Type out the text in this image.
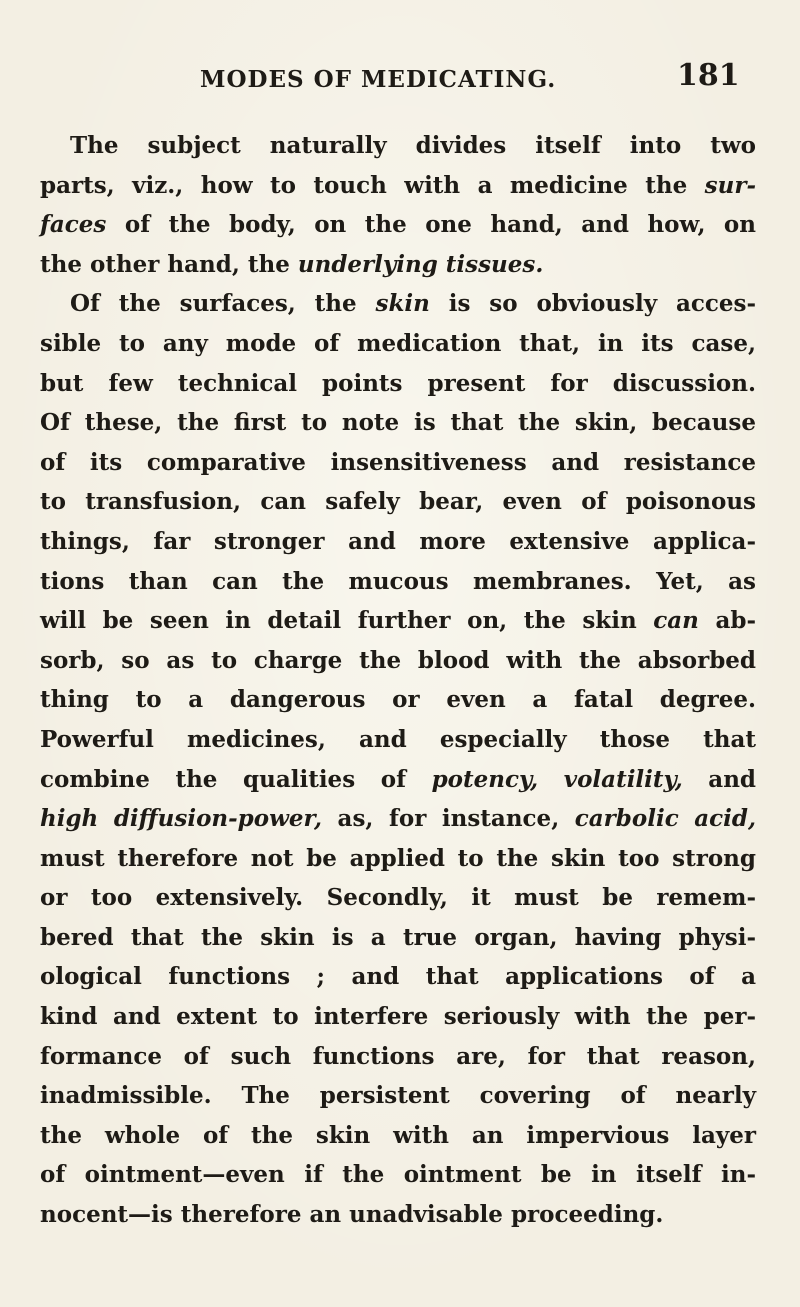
MODES OF MEDICATING.	181
The subject naturally divides itself into two
parts, viz., how to touch with a medicine the sur-
faces of the body, on the one hand, and how, on
the other hand, the underlying tissues.
Of the surfaces, the skin is so obviously acces-
sible to any mode of medication that, in its case,
but few technical points present for discussion.
Of these, the first to note is that the skin, because
of its comparative insensitiveness and resistance
to transfusion, can safely bear, even of poisonous
things, far stronger and more extensive applica-
tions than can the mucous membranes. Yet, as
will be seen in detail further on, the skin can ab-
sorb, so as to charge the blood with the absorbed
thing to a dangerous or even a fatal degree.
Powerful medicines, and especially those that
combine the qualities of potency, volatility, and
high diffusion-power, as, for instance, carbolic acid,
must therefore not be applied to the skin too strong
or too extensively. Secondly, it must be remem-
bered that the skin is a true organ, having physi-
ological functions ; and that applications of a
kind and extent to interfere seriously with the per-
formance of such functions are, for that reason,
inadmissible. The persistent covering of nearly
the whole of the skin with an impervious layer
of ointment—even if the ointment be in itself in-
nocent—is therefore an unadvisable proceeding.
